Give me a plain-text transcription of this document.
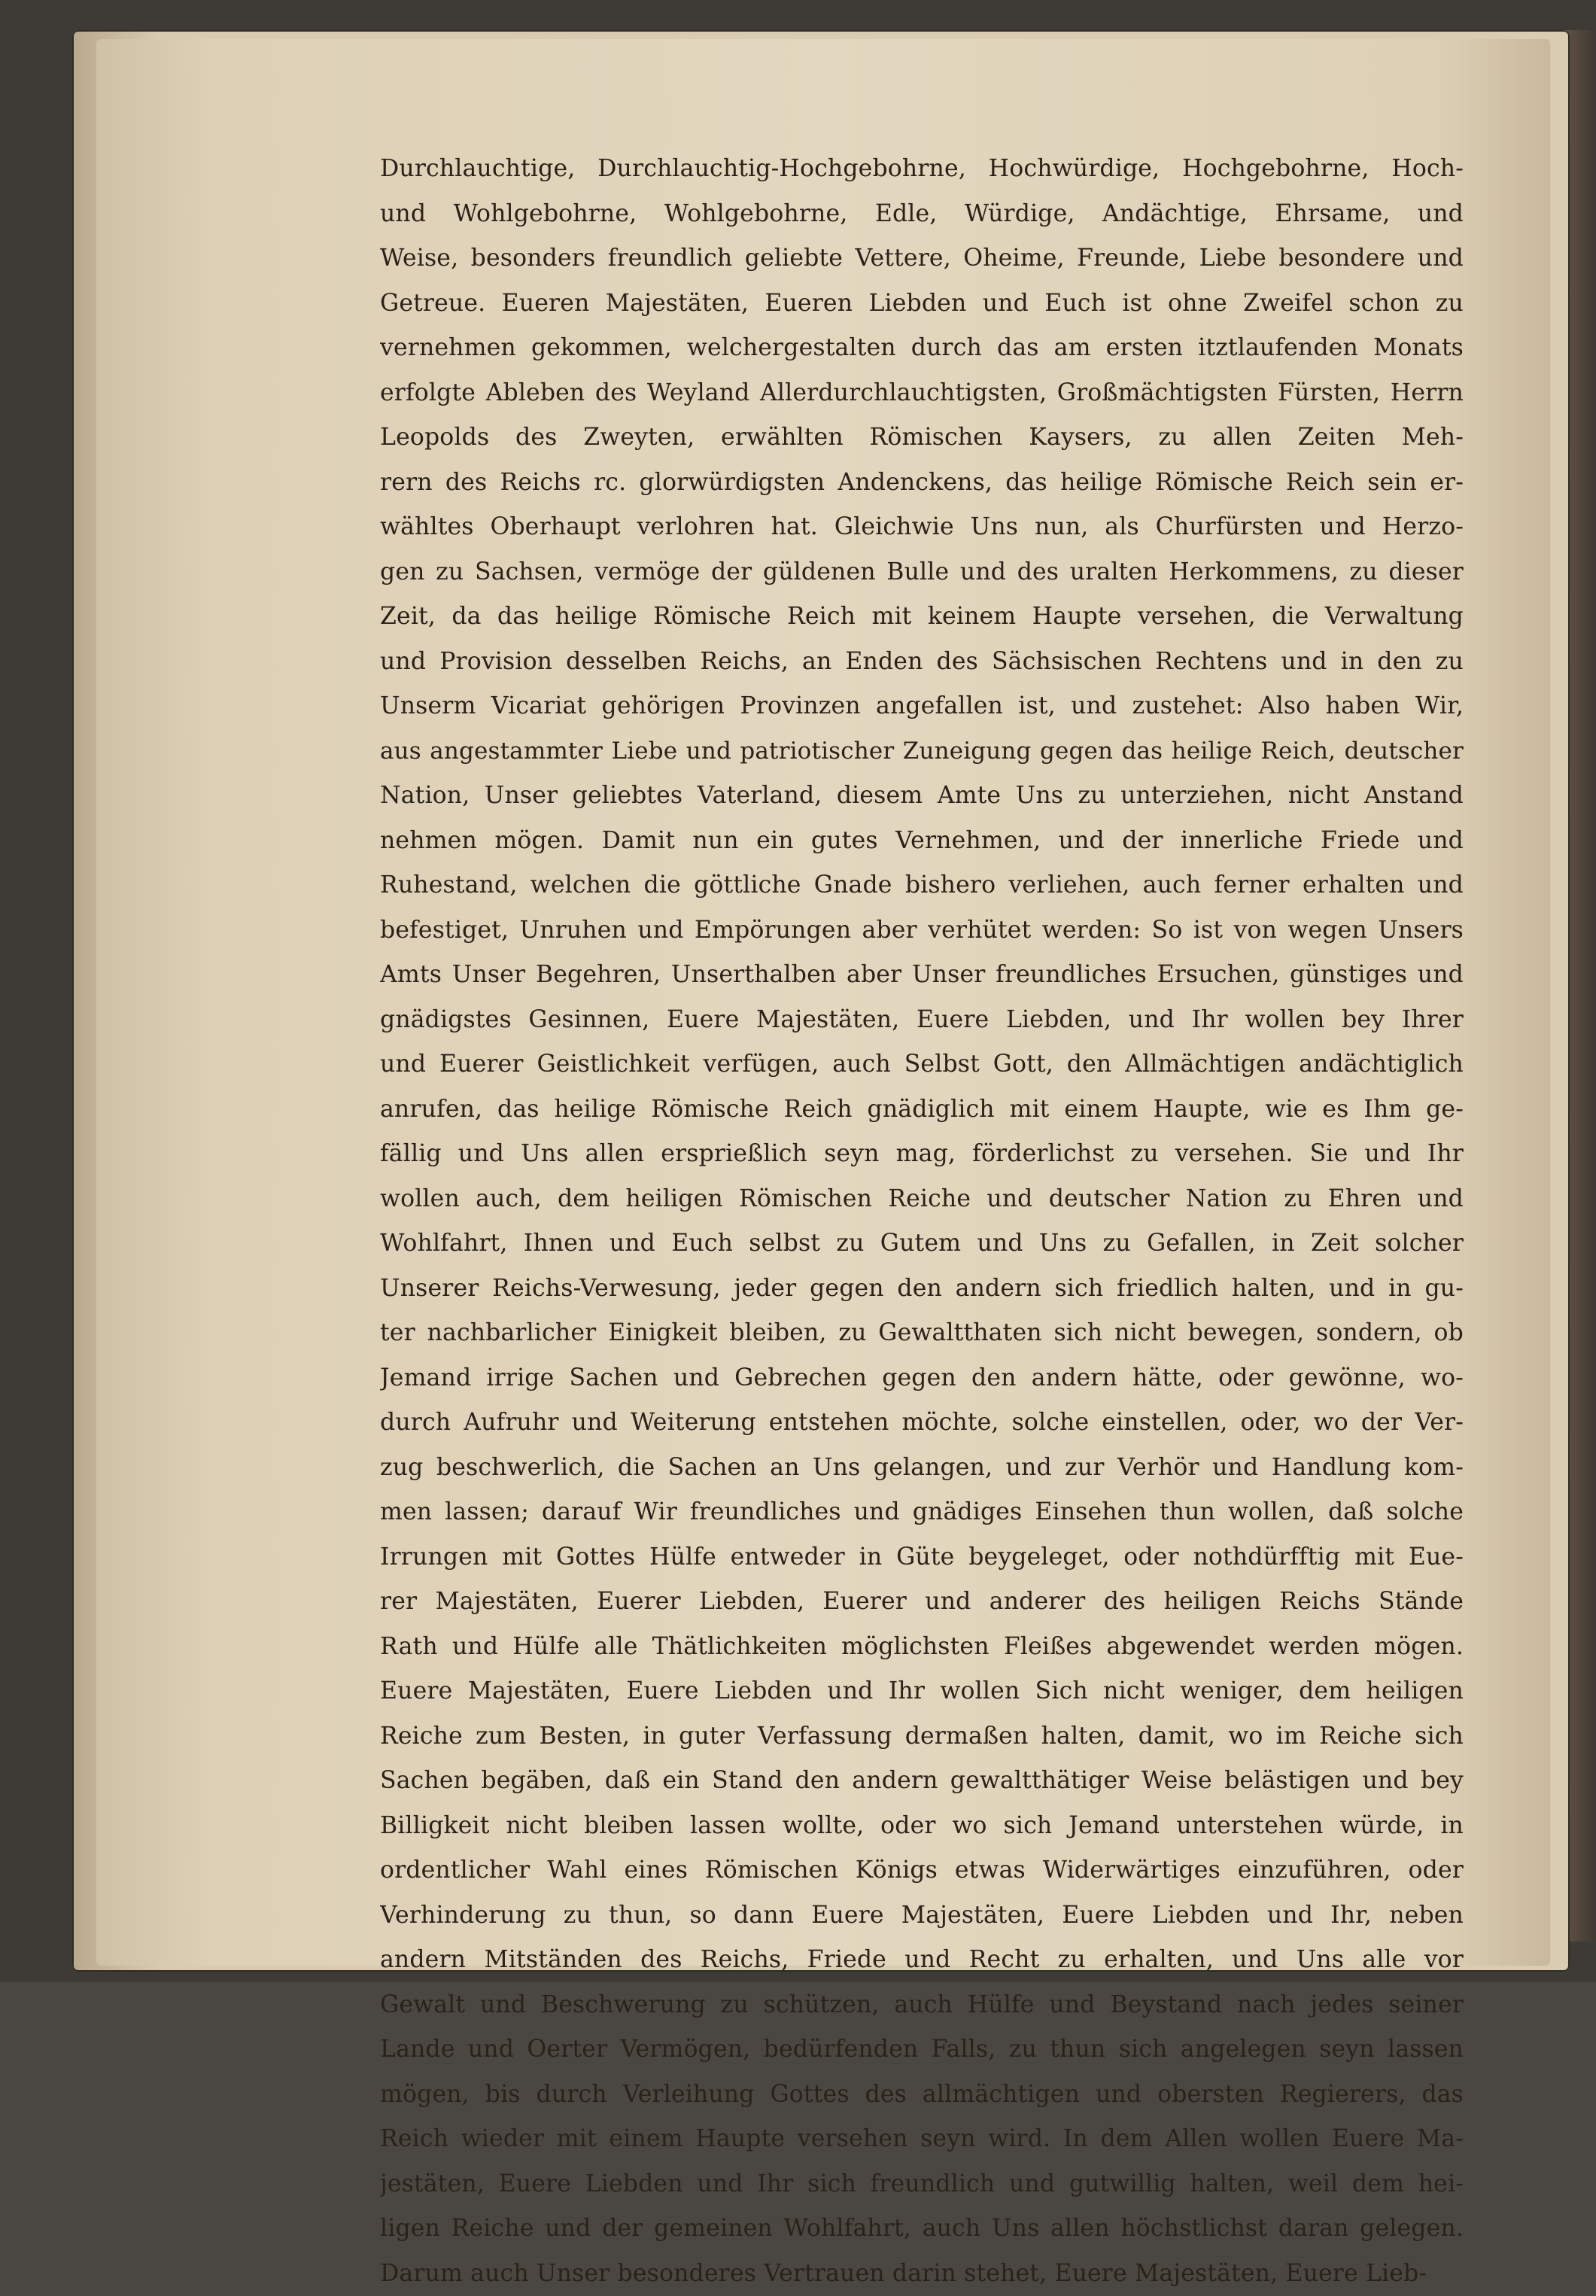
Durchlauchtige, Durchlauchtig-Hochgebohrne, Hochwürdige, Hochgebohrne, Hoch-
und Wohlgebohrne, Wohlgebohrne, Edle, Würdige, Andächtige, Ehrsame, und
Weise, besonders freundlich geliebte Vettere, Oheime, Freunde, Liebe besondere und
Getreue. Eueren Majestäten, Eueren Liebden und Euch ist ohne Zweifel schon zu
vernehmen gekommen, welchergestalten durch das am ersten itztlaufenden Monats
erfolgte Ableben des Weyland Allerdurchlauchtigsten, Großmächtigsten Fürsten, Herrn
Leopolds des Zweyten, erwählten Römischen Kaysers, zu allen Zeiten Meh-
rern des Reichs rc. glorwürdigsten Andenckens, das heilige Römische Reich sein er-
wähltes Oberhaupt verlohren hat. Gleichwie Uns nun, als Churfürsten und Herzo-
gen zu Sachsen, vermöge der güldenen Bulle und des uralten Herkommens, zu dieser
Zeit, da das heilige Römische Reich mit keinem Haupte versehen, die Verwaltung
und Provision desselben Reichs, an Enden des Sächsischen Rechtens und in den zu
Unserm Vicariat gehörigen Provinzen angefallen ist, und zustehet: Also haben Wir,
aus angestammter Liebe und patriotischer Zuneigung gegen das heilige Reich, deutscher
Nation, Unser geliebtes Vaterland, diesem Amte Uns zu unterziehen, nicht Anstand
nehmen mögen. Damit nun ein gutes Vernehmen, und der innerliche Friede und
Ruhestand, welchen die göttliche Gnade bishero verliehen, auch ferner erhalten und
befestiget, Unruhen und Empörungen aber verhütet werden: So ist von wegen Unsers
Amts Unser Begehren, Unserthalben aber Unser freundliches Ersuchen, günstiges und
gnädigstes Gesinnen, Euere Majestäten, Euere Liebden, und Ihr wollen bey Ihrer
und Euerer Geistlichkeit verfügen, auch Selbst Gott, den Allmächtigen andächtiglich
anrufen, das heilige Römische Reich gnädiglich mit einem Haupte, wie es Ihm ge-
fällig und Uns allen ersprießlich seyn mag, förderlichst zu versehen. Sie und Ihr
wollen auch, dem heiligen Römischen Reiche und deutscher Nation zu Ehren und
Wohlfahrt, Ihnen und Euch selbst zu Gutem und Uns zu Gefallen, in Zeit solcher
Unserer Reichs-Verwesung, jeder gegen den andern sich friedlich halten, und in gu-
ter nachbarlicher Einigkeit bleiben, zu Gewaltthaten sich nicht bewegen, sondern, ob
Jemand irrige Sachen und Gebrechen gegen den andern hätte, oder gewönne, wo-
durch Aufruhr und Weiterung entstehen möchte, solche einstellen, oder, wo der Ver-
zug beschwerlich, die Sachen an Uns gelangen, und zur Verhör und Handlung kom-
men lassen; darauf Wir freundliches und gnädiges Einsehen thun wollen, daß solche
Irrungen mit Gottes Hülfe entweder in Güte beygeleget, oder nothdürfftig mit Eue-
rer Majestäten, Euerer Liebden, Euerer und anderer des heiligen Reichs Stände
Rath und Hülfe alle Thätlichkeiten möglichsten Fleißes abgewendet werden mögen.
Euere Majestäten, Euere Liebden und Ihr wollen Sich nicht weniger, dem heiligen
Reiche zum Besten, in guter Verfassung dermaßen halten, damit, wo im Reiche sich
Sachen begäben, daß ein Stand den andern gewaltthätiger Weise belästigen und bey
Billigkeit nicht bleiben lassen wollte, oder wo sich Jemand unterstehen würde, in
ordentlicher Wahl eines Römischen Königs etwas Widerwärtiges einzuführen, oder
Verhinderung zu thun, so dann Euere Majestäten, Euere Liebden und Ihr, neben
andern Mitständen des Reichs, Friede und Recht zu erhalten, und Uns alle vor
Gewalt und Beschwerung zu schützen, auch Hülfe und Beystand nach jedes seiner
Lande und Oerter Vermögen, bedürfenden Falls, zu thun sich angelegen seyn lassen
mögen, bis durch Verleihung Gottes des allmächtigen und obersten Regierers, das
Reich wieder mit einem Haupte versehen seyn wird. In dem Allen wollen Euere Ma-
jestäten, Euere Liebden und Ihr sich freundlich und gutwillig halten, weil dem hei-
ligen Reiche und der gemeinen Wohlfahrt, auch Uns allen höchstlichst daran gelegen.
Darum auch Unser besonderes Vertrauen darin stehet, Euere Majestäten, Euere Lieb-
